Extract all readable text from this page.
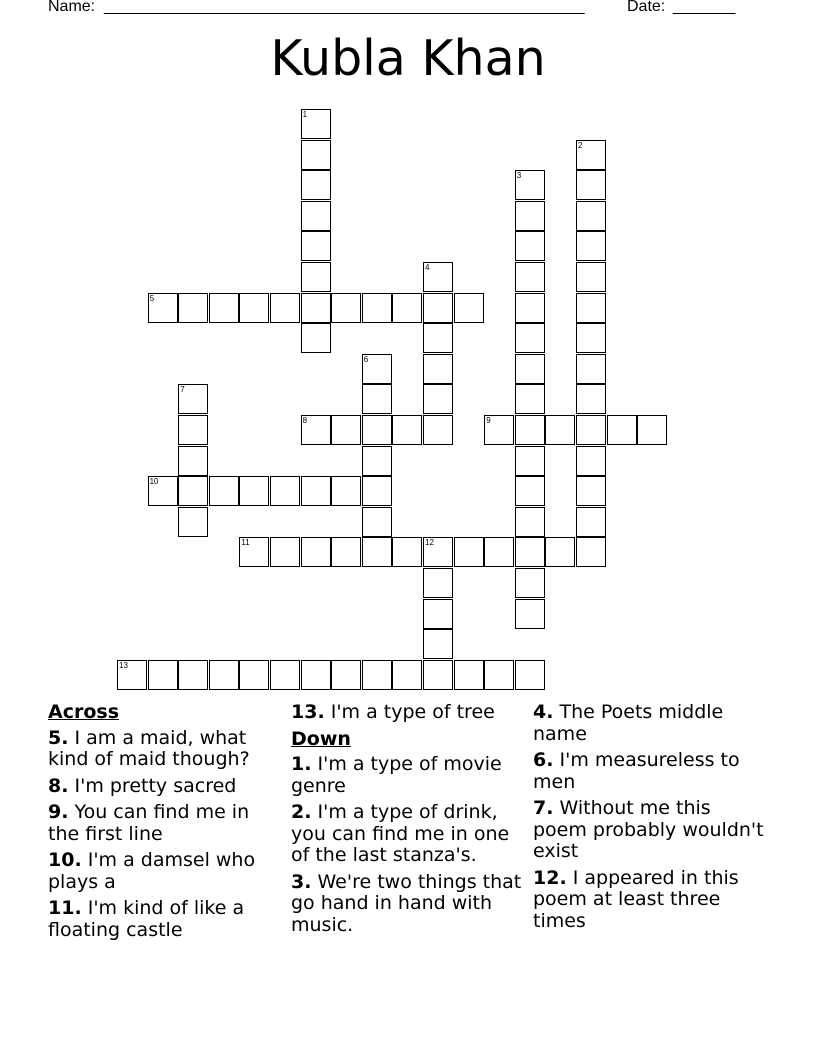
Name: ______________________________________________________	Date: _______
Kubla Khan
1
2
3
4
5
6
7
8	9
10
11	12
13

Across

5. I am a maid, what kind of maid though?

8. I'm pretty sacred

9. You can find me in the first line

10. I'm a damsel who plays a

11. I'm kind of like a floating castle

13. I'm a type of tree

Down

1. I'm a type of movie genre

2. I'm a type of drink, you can find me in one of the last stanza's.

3. We're two things that go hand in hand with music.

4. The Poets middle name

6. I'm measureless to men

7. Without me this poem probably wouldn't exist

12. I appeared in this poem at least three times
